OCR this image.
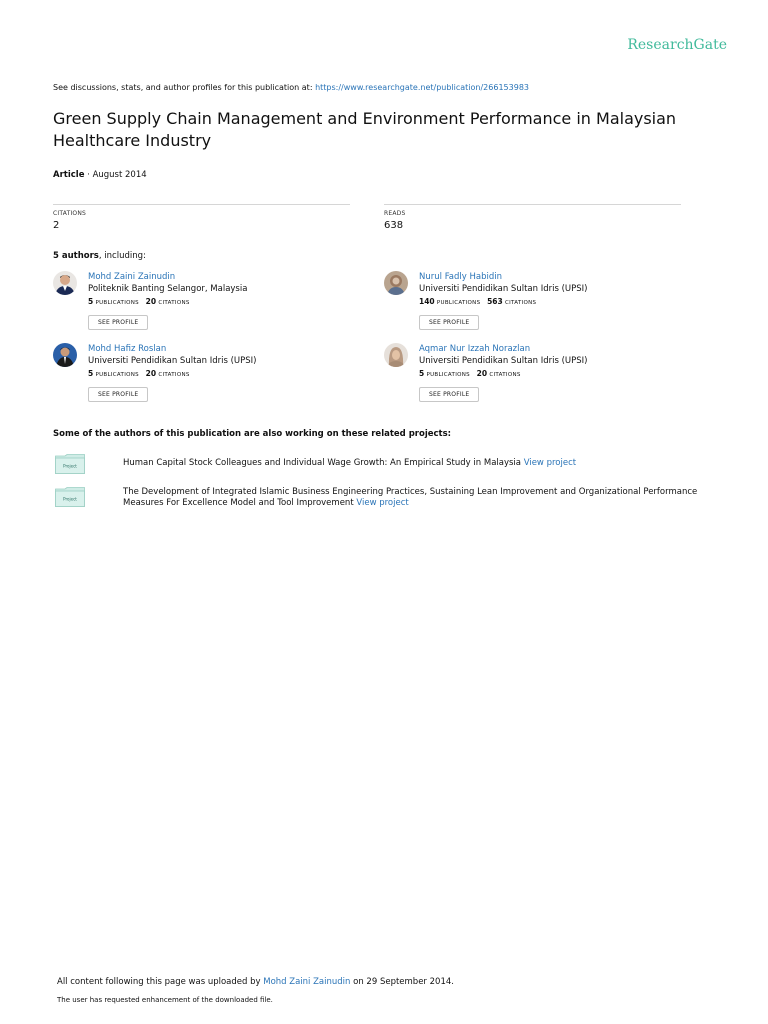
ResearchGate
See discussions, stats, and author profiles for this publication at: https://www.researchgate.net/publication/266153983
Green Supply Chain Management and Environment Performance in Malaysian Healthcare Industry
Article · August 2014
CITATIONS
2
READS
638
5 authors, including:
Mohd Zaini Zainudin
Politeknik Banting Selangor, Malaysia
5 PUBLICATIONS 20 CITATIONS
SEE PROFILE
Nurul Fadly Habidin
Universiti Pendidikan Sultan Idris (UPSI)
140 PUBLICATIONS 563 CITATIONS
SEE PROFILE
Mohd Hafiz Roslan
Universiti Pendidikan Sultan Idris (UPSI)
5 PUBLICATIONS 20 CITATIONS
SEE PROFILE
Aqmar Nur Izzah Norazlan
Universiti Pendidikan Sultan Idris (UPSI)
5 PUBLICATIONS 20 CITATIONS
SEE PROFILE
Some of the authors of this publication are also working on these related projects:
Project	Human Capital Stock Colleagues and Individual Wage Growth: An Empirical Study in Malaysia View project
Project
The Development of Integrated Islamic Business Engineering Practices, Sustaining Lean Improvement and Organizational Performance Measures For Excellence Model and Tool Improvement View project
All content following this page was uploaded by Mohd Zaini Zainudin on 29 September 2014.
The user has requested enhancement of the downloaded file.
